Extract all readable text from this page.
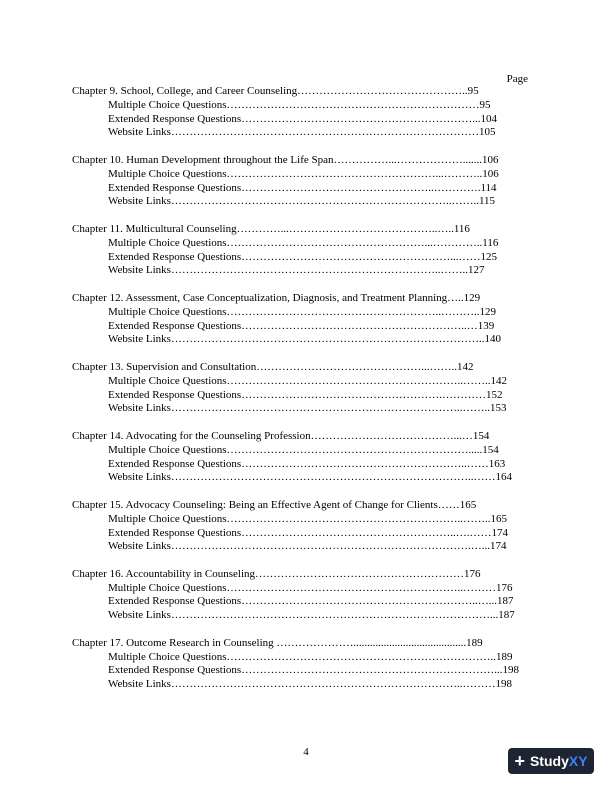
Page
Chapter 9. School, College, and Career Counseling………………………………………..95
Multiple Choice Questions……………………………………………………………95
Extended Response Questions………………………………………………………...104
Website Links…………………………………………………………………………105
Chapter 10. Human Development throughout the Life Span……………...……………….......106
Multiple Choice Questions…………………………………………………...………..106
Extended Response Questions……………………………………………..………….114
Website Links…………………………………………………………………..……..115
Chapter 11. Multicultural Counseling…………...…………………………………..…..116
Multiple Choice Questions………………………………………………...…………..116
Extended Response Questions…………………………………………………...……125
Website Links………………………………………………………………..……..127
Chapter 12. Assessment, Case Conceptualization, Diagnosis, and Treatment Planning…..129
Multiple Choice Questions…………………………………………………..………..129
Extended Response Questions……………………………………………………..…139
Website Links…………………………………………………………………………..140
Chapter 13. Supervision and Consultation………………………………………...……..142
Multiple Choice Questions………………………………………………………..……..142
Extended Response Questions……………………………………………….…………152
Website Links……………………………………………………………………..……..153
Chapter 14. Advocating for the Counseling Profession…………………………………...…154
Multiple Choice Questions………………………………………………………….....154
Extended Response Questions……………………………………………………..……163
Website Links………………………………………………………………………..……164
Chapter 15. Advocacy Counseling: Being an Effective Agent of Change for Clients……165
Multiple Choice Questions………………………………………………………..……..165
Extended Response Questions…………………………………………………..….……174
Website Links……………………………………………………………………….…...174
Chapter 16. Accountability in Counseling…………………………………………………176
Multiple Choice Questions………………………………………………………..………176
Extended Response Questions………………………………………………………..…...187
Website Links……………………………………………………………………………...187
Chapter 17. Outcome Research in Counseling ………………….........................................189
Multiple Choice Questions………………………………………………………………..189
Extended Response Questions……………………………………………………………...198
Website Links……………………………………………………………………..………198
4	+ Study XY
